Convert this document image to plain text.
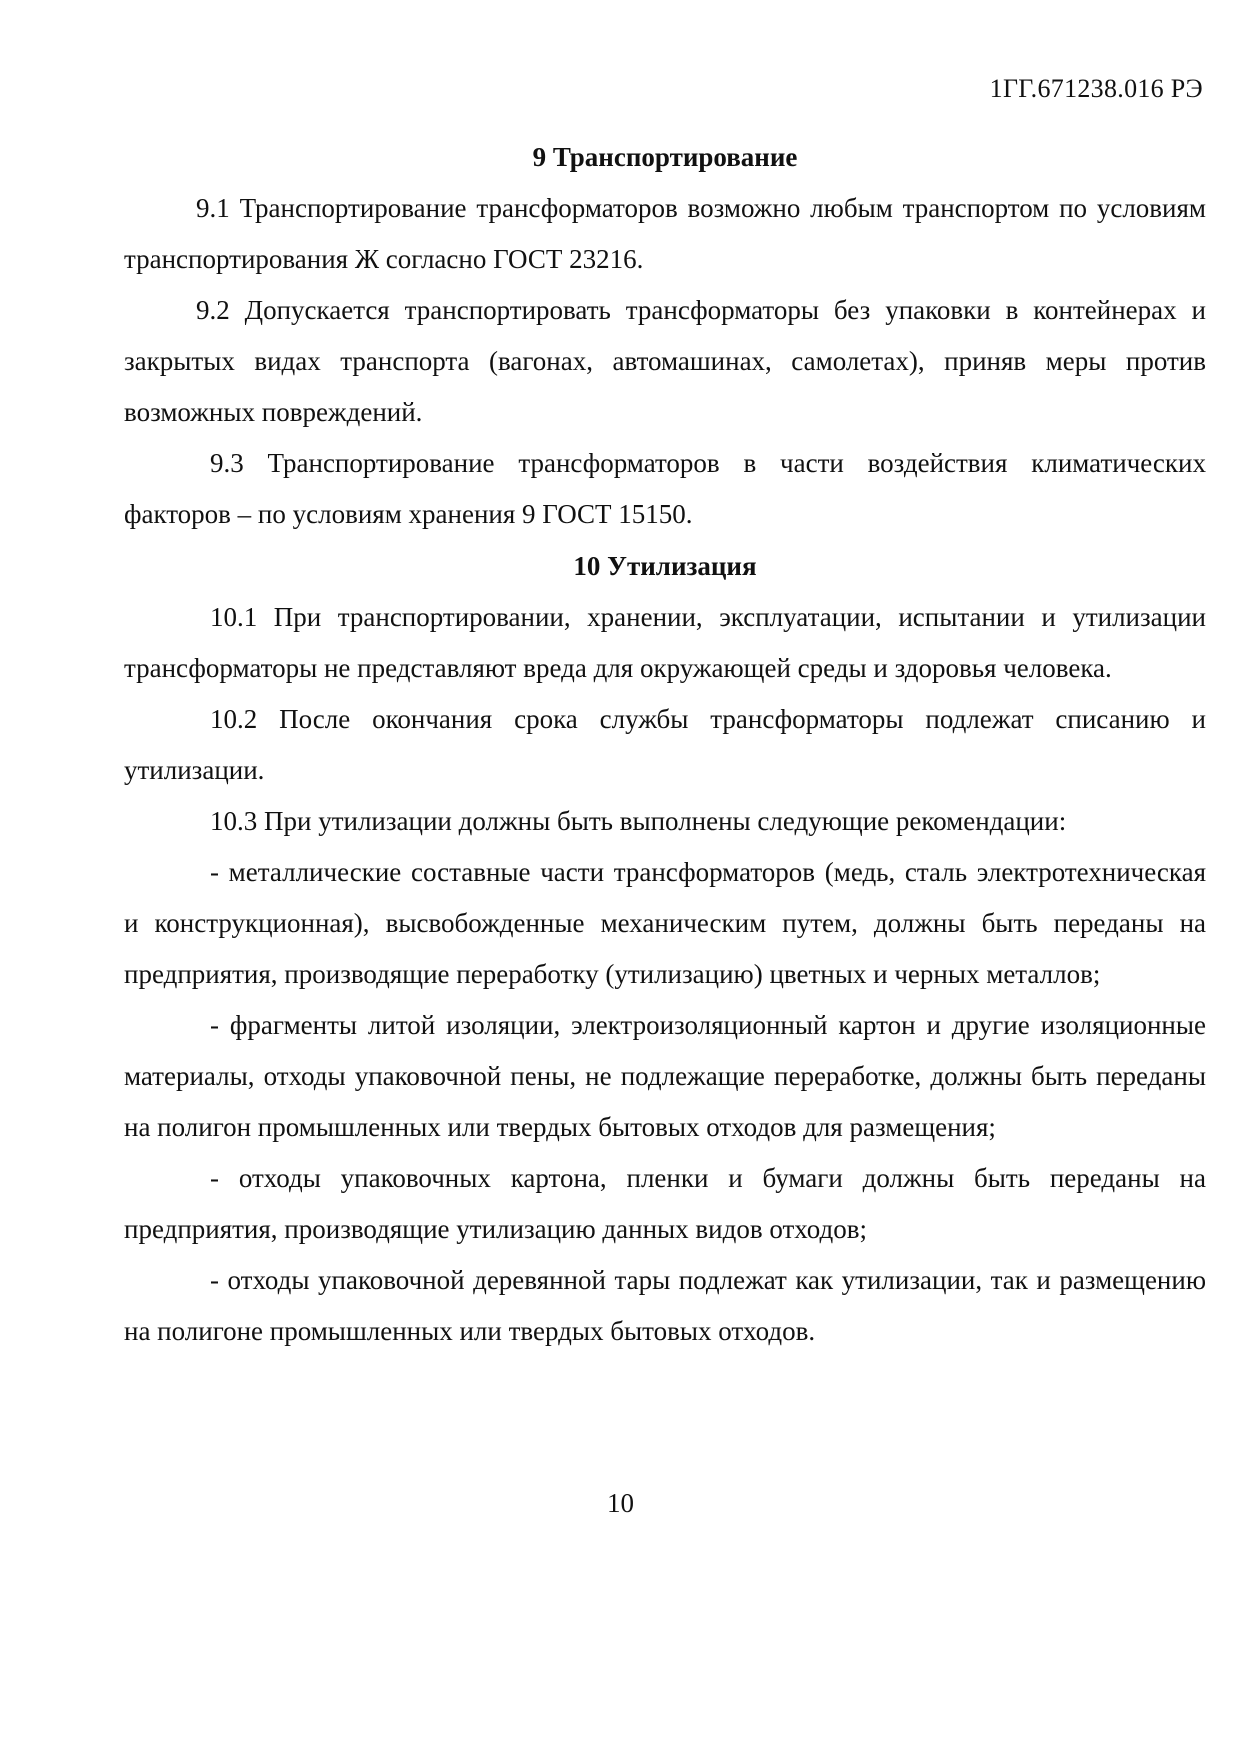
1ГГ.671238.016 РЭ
9 Транспортирование

9.1 Транспортирование трансформаторов возможно любым транспортом по условиям транспортирования Ж согласно ГОСТ 23216.

9.2 Допускается транспортировать трансформаторы без упаковки в контейнерах и закрытых видах транспорта (вагонах, автомашинах, самолетах), приняв меры против возможных повреждений.

9.3 Транспортирование трансформаторов в части воздействия климатических факторов – по условиям хранения 9 ГОСТ 15150.

10 Утилизация

10.1 При транспортировании, хранении, эксплуатации, испытании и утилизации трансформаторы не представляют вреда для окружающей среды и здоровья человека.

10.2 После окончания срока службы трансформаторы подлежат списанию и утилизации.

10.3 При утилизации должны быть выполнены следующие рекомендации:

- металлические составные части трансформаторов (медь, сталь электротехническая и конструкционная), высвобожденные механическим путем, должны быть переданы на предприятия, производящие переработку (утилизацию) цветных и черных металлов;

- фрагменты литой изоляции, электроизоляционный картон и другие изоляционные материалы, отходы упаковочной пены, не подлежащие переработке, должны быть переданы на полигон промышленных или твердых бытовых отходов для размещения;

- отходы упаковочных картона, пленки и бумаги должны быть переданы на предприятия, производящие утилизацию данных видов отходов;

- отходы упаковочной деревянной тары подлежат как утилизации, так и размещению на полигоне промышленных или твердых бытовых отходов.

10
